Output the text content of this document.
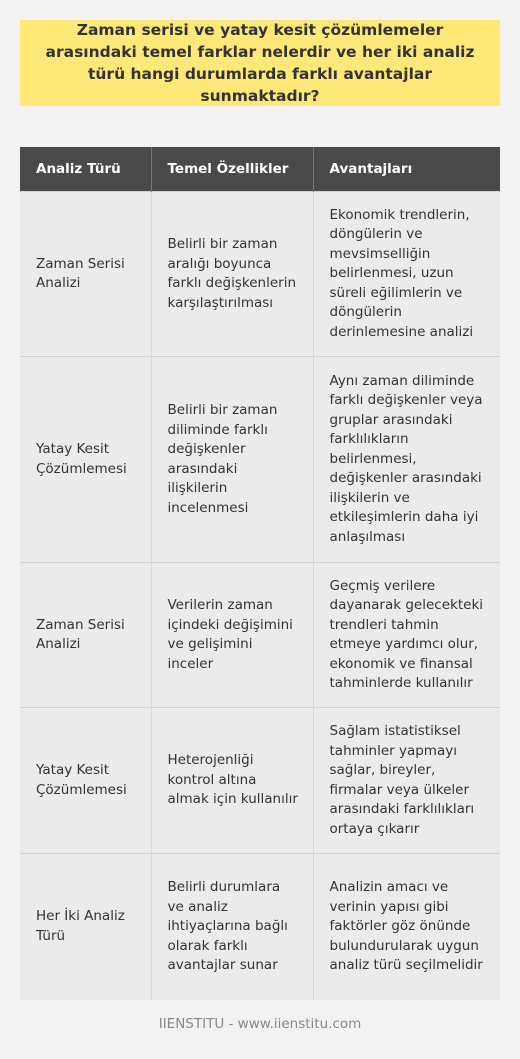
Zaman serisi ve yatay kesit çözümlemeler arasındaki temel farklar nelerdir ve her iki analiz türü hangi durumlarda farklı avantajlar sunmaktadır?
Analiz Türü	Temel Özellikler	Avantajları
Zaman Serisi Analizi	Belirli bir zaman aralığı boyunca farklı değişkenlerin karşılaştırılması	Ekonomik trendlerin, döngülerin ve mevsimselliğin belirlenmesi, uzun süreli eğilimlerin ve döngülerin derinlemesine analizi
Yatay Kesit Çözümlemesi	Belirli bir zaman diliminde farklı değişkenler arasındaki ilişkilerin incelenmesi	Aynı zaman diliminde farklı değişkenler veya gruplar arasındaki farklılıkların belirlenmesi, değişkenler arasındaki ilişkilerin ve etkileşimlerin daha iyi anlaşılması
Zaman Serisi Analizi	Verilerin zaman içindeki değişimini ve gelişimini inceler	Geçmiş verilere dayanarak gelecekteki trendleri tahmin etmeye yardımcı olur, ekonomik ve finansal tahminlerde kullanılır
Yatay Kesit Çözümlemesi	Heterojenliği kontrol altına almak için kullanılır	Sağlam istatistiksel tahminler yapmayı sağlar, bireyler, firmalar veya ülkeler arasındaki farklılıkları ortaya çıkarır
Her İki Analiz Türü	Belirli durumlara ve analiz ihtiyaçlarına bağlı olarak farklı avantajlar sunar	Analizin amacı ve verinin yapısı gibi faktörler göz önünde bulundurularak uygun analiz türü seçilmelidir
IIENSTITU - www.iienstitu.com
